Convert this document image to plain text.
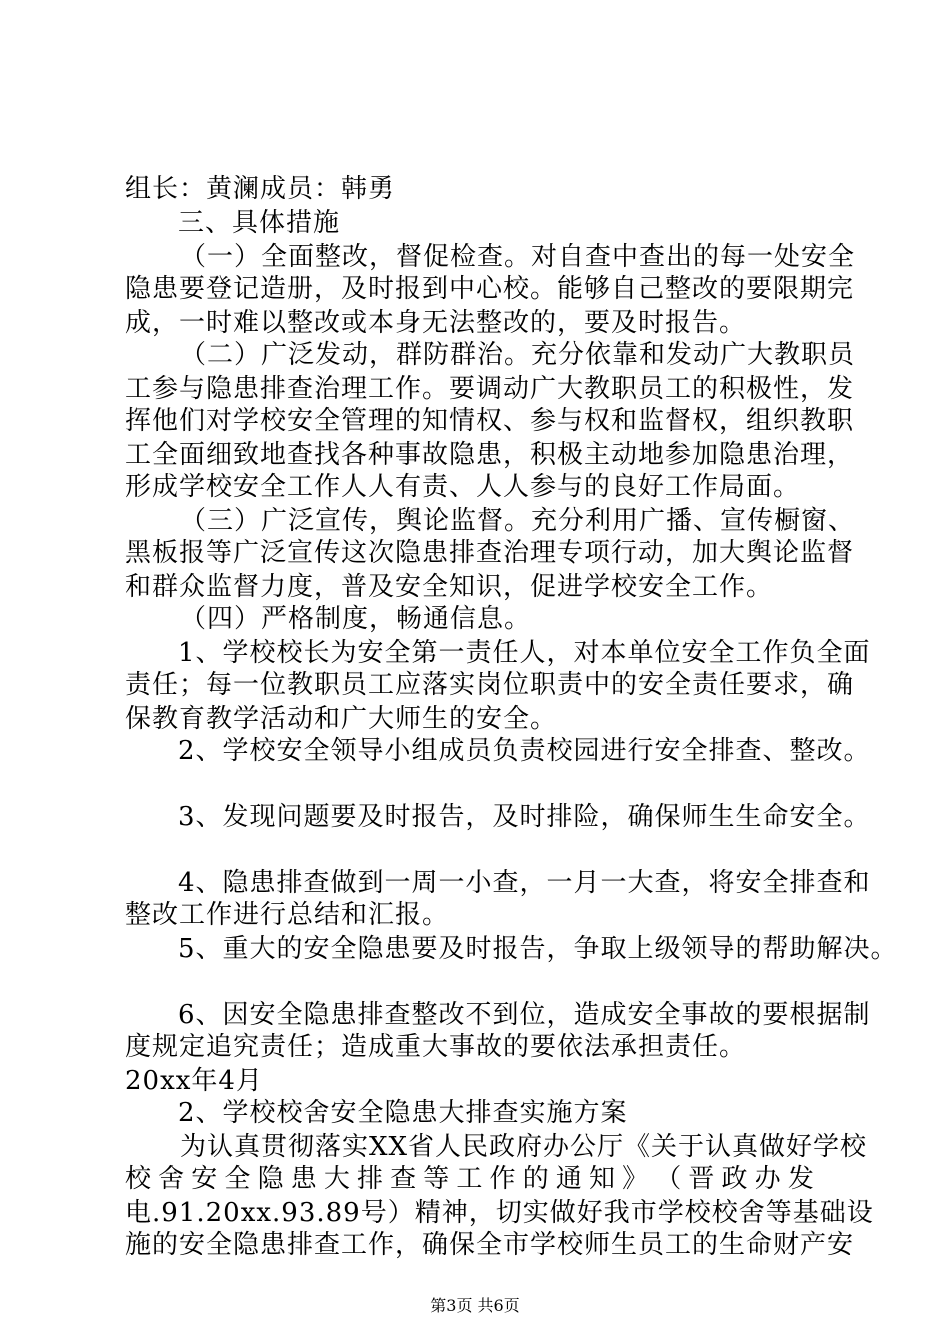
组长：黄澜成员：韩勇
三、具体措施
（一）全面整改，督促检查。对自查中查出的每一处安全
隐患要登记造册，及时报到中心校。能够自己整改的要限期完
成，一时难以整改或本身无法整改的，要及时报告。
（二）广泛发动，群防群治。充分依靠和发动广大教职员
工参与隐患排查治理工作。要调动广大教职员工的积极性，发
挥他们对学校安全管理的知情权、参与权和监督权，组织教职
工全面细致地查找各种事故隐患，积极主动地参加隐患治理，
形成学校安全工作人人有责、人人参与的良好工作局面。
（三）广泛宣传，舆论监督。充分利用广播、宣传橱窗、
黑板报等广泛宣传这次隐患排查治理专项行动，加大舆论监督
和群众监督力度，普及安全知识，促进学校安全工作。
（四）严格制度，畅通信息。
1、学校校长为安全第一责任人，对本单位安全工作负全面
责任；每一位教职员工应落实岗位职责中的安全责任要求，确
保教育教学活动和广大师生的安全。
2、学校安全领导小组成员负责校园进行安全排查、整改。
3、发现问题要及时报告，及时排险，确保师生生命安全。
4、隐患排查做到一周一小查，一月一大查，将安全排查和
整改工作进行总结和汇报。
5、重大的安全隐患要及时报告，争取上级领导的帮助解决。
6、因安全隐患排查整改不到位，造成安全事故的要根据制
度规定追究责任；造成重大事故的要依法承担责任。
20xx年4月
2、学校校舍安全隐患大排查实施方案
为认真贯彻落实XX省人民政府办公厅《关于认真做好学校
校 舍 安 全 隐 患 大 排 查 等 工 作 的 通 知 》 （ 晋 政 办 发
电.91.20xx.93.89号）精神，切实做好我市学校校舍等基础设
施的安全隐患排查工作，确保全市学校师生员工的生命财产安
第3页 共6页
